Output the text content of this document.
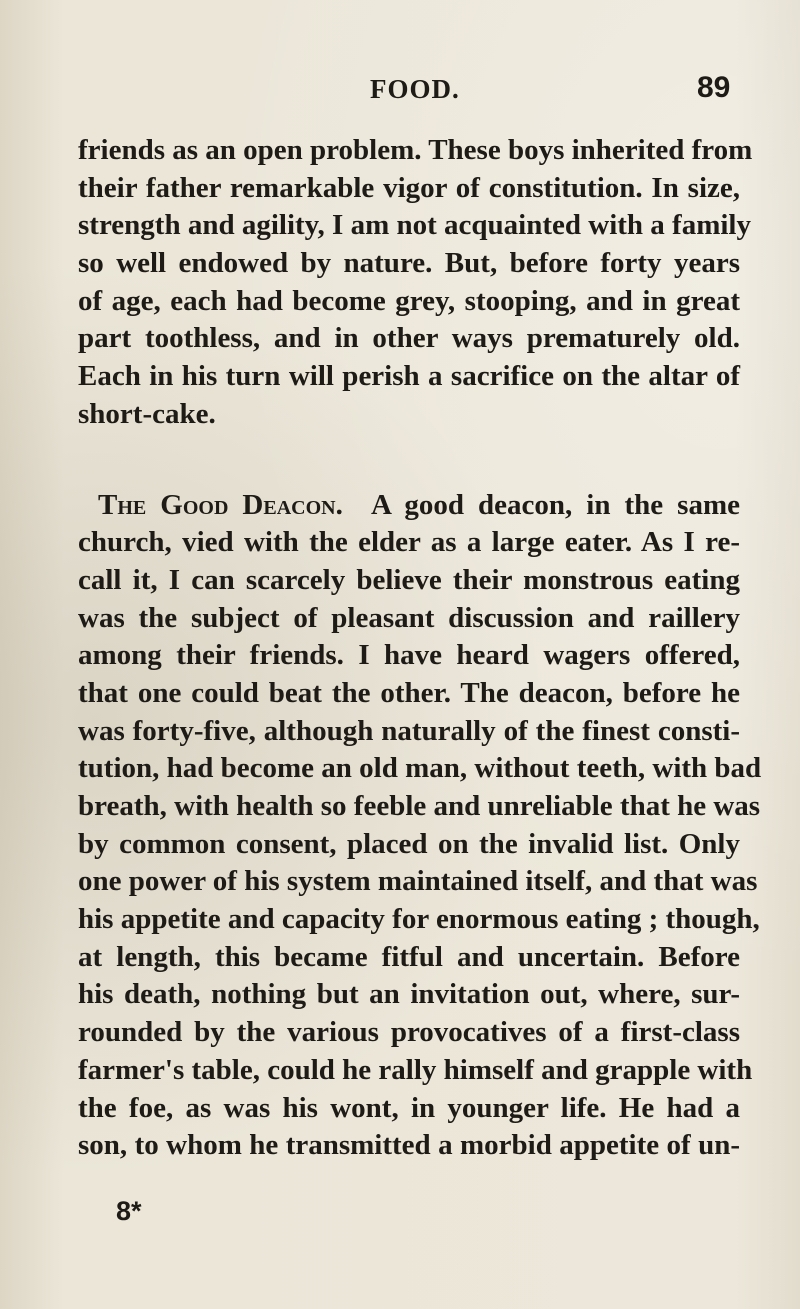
FOOD.	89
friends as an open problem. These boys inherited from
their father remarkable vigor of constitution. In size,
strength and agility, I am not acquainted with a family
so well endowed by nature. But, before forty years
of age, each had become grey, stooping, and in great
part toothless, and in other ways prematurely old.
Each in his turn will perish a sacrifice on the altar of
short-cake.
The Good Deacon. A good deacon, in the same
church, vied with the elder as a large eater. As I re-
call it, I can scarcely believe their monstrous eating
was the subject of pleasant discussion and raillery
among their friends. I have heard wagers offered,
that one could beat the other. The deacon, before he
was forty-five, although naturally of the finest consti-
tution, had become an old man, without teeth, with bad
breath, with health so feeble and unreliable that he was
by common consent, placed on the invalid list. Only
one power of his system maintained itself, and that was
his appetite and capacity for enormous eating ; though,
at length, this became fitful and uncertain. Before
his death, nothing but an invitation out, where, sur-
rounded by the various provocatives of a first-class
farmer's table, could he rally himself and grapple with
the foe, as was his wont, in younger life. He had a
son, to whom he transmitted a morbid appetite of un-
8*
